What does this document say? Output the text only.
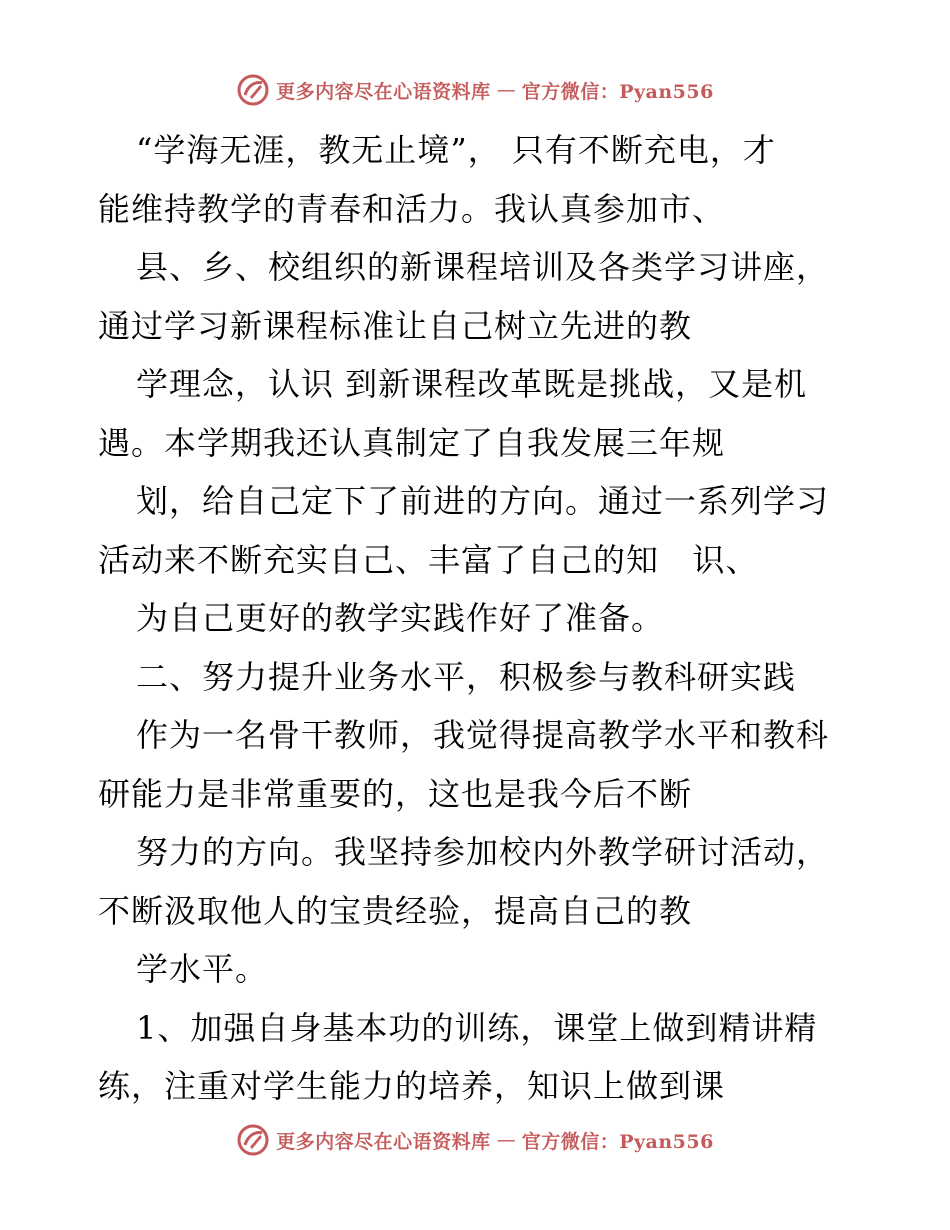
更多内容尽在心语资料库 — 官方微信：Pyan556
“学海无涯，教无止境”， 只有不断充电，才
能维持教学的青春和活力。我认真参加市、
县、乡、校组织的新课程培训及各类学习讲座，
通过学习新课程标准让自己树立先进的教
学理念，认识 到新课程改革既是挑战，又是机
遇。本学期我还认真制定了自我发展三年规
划，给自己定下了前进的方向。通过一系列学习
活动来不断充实自己、丰富了自己的知   识、
为自己更好的教学实践作好了准备。
二、努力提升业务水平，积极参与教科研实践
作为一名骨干教师，我觉得提高教学水平和教科
研能力是非常重要的，这也是我今后不断
努力的方向。我坚持参加校内外教学研讨活动，
不断汲取他人的宝贵经验，提高自己的教
学水平。
1、加强自身基本功的训练，课堂上做到精讲精
练，注重对学生能力的培养，知识上做到课
更多内容尽在心语资料库 — 官方微信：Pyan556
